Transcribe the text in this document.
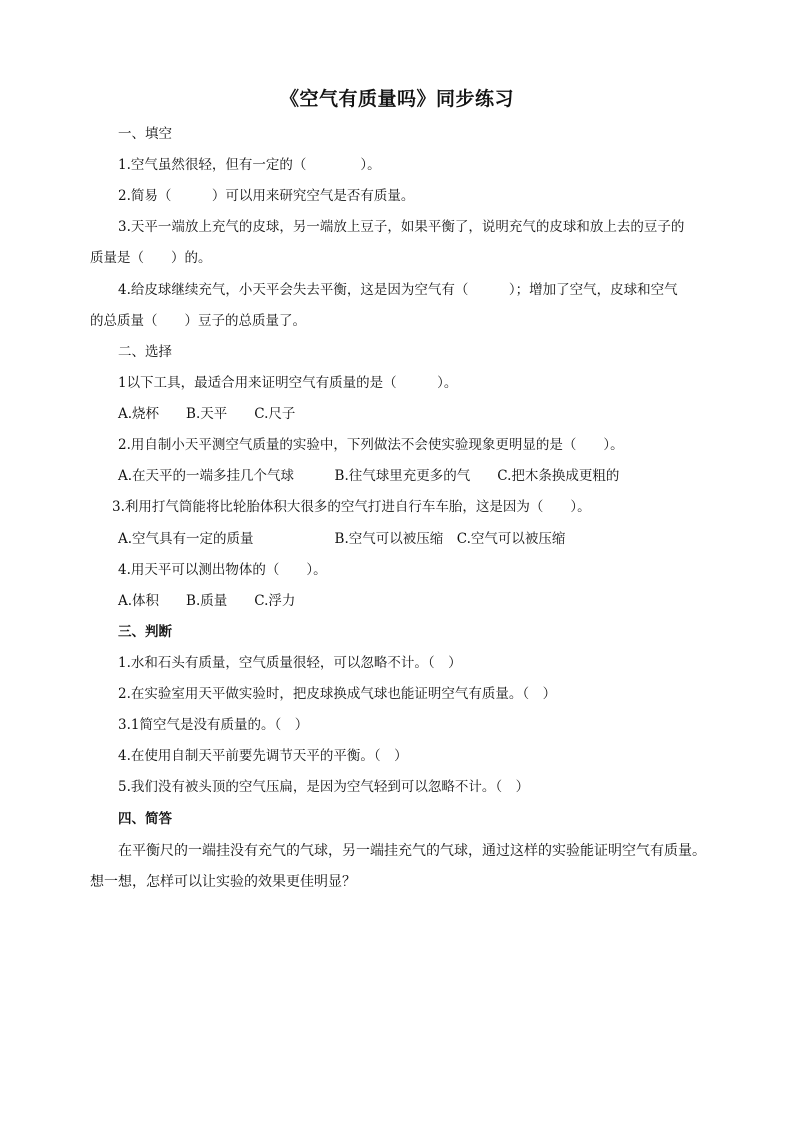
《空气有质量吗》同步练习
一、填空
1.空气虽然很轻，但有一定的（　　　　）。
2.简易（　　　）可以用来研究空气是否有质量。
3.天平一端放上充气的皮球，另一端放上豆子，如果平衡了，说明充气的皮球和放上去的豆子的
质量是（　　）的。
4.给皮球继续充气，小天平会失去平衡，这是因为空气有（　　　）；增加了空气，皮球和空气
的总质量（　　）豆子的总质量了。
二、选择
1以下工具，最适合用来证明空气有质量的是（　　　）。
A.烧杯　　B.天平　　C.尺子
2.用自制小天平测空气质量的实验中，下列做法不会使实验现象更明显的是（　　）。
A.在天平的一端多挂几个气球　　　B.往气球里充更多的气　　C.把木条换成更粗的
3.利用打气筒能将比轮胎体积大很多的空气打进自行车车胎，这是因为（　　）。
A.空气具有一定的质量　　　　　　B.空气可以被压缩　C.空气可以被压缩
4.用天平可以测出物体的（　　）。
A.体积　　B.质量　　C.浮力
三、判断
1.水和石头有质量，空气质量很轻，可以忽略不计。（　）
2.在实验室用天平做实验时，把皮球换成气球也能证明空气有质量。（　）
3.1简空气是没有质量的。（　）
4.在使用自制天平前要先调节天平的平衡。（　）
5.我们没有被头顶的空气压扁，是因为空气轻到可以忽略不计。（　）
四、简答
在平衡尺的一端挂没有充气的气球，另一端挂充气的气球，通过这样的实验能证明空气有质量。
想一想，怎样可以让实验的效果更佳明显？
